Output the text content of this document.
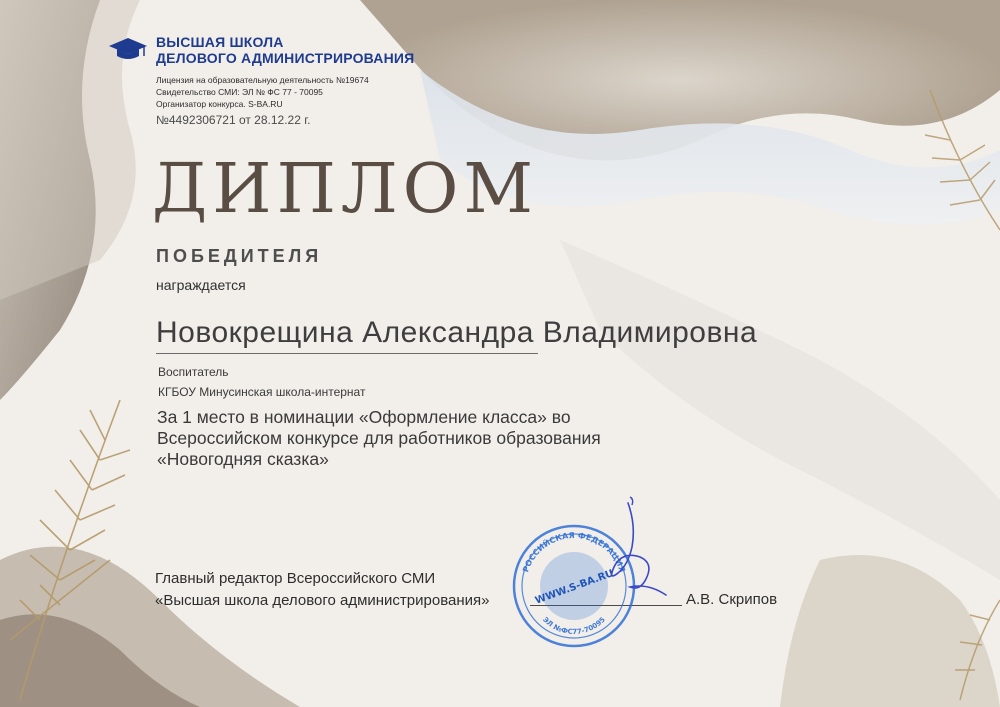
ВЫСШАЯ ШКОЛА
ДЕЛОВОГО АДМИНИСТРИРОВАНИЯ
Лицензия на образовательную деятельность №19674
Свидетельство СМИ: ЭЛ № ФС 77 - 70095
Организатор конкурса. S-BA.RU
№4492306721 от 28.12.22 г.
ДИПЛОМ
ПОБЕДИТЕЛЯ
награждается
Новокрещина Александра Владимировна
Воспитатель
КГБОУ Минусинская школа-интернат
За 1 место в номинации «Оформление класса» во
Всероссийском конкурсе для работников образования
«Новогодняя сказка»
Главный редактор Всероссийского СМИ
«Высшая школа делового администрирования»	А.В. Скрипов
РОССИЙСКАЯ ФЕДЕРАЦИЯ
ЭЛ №ФС77-70095
WWW.S-BA.RU
